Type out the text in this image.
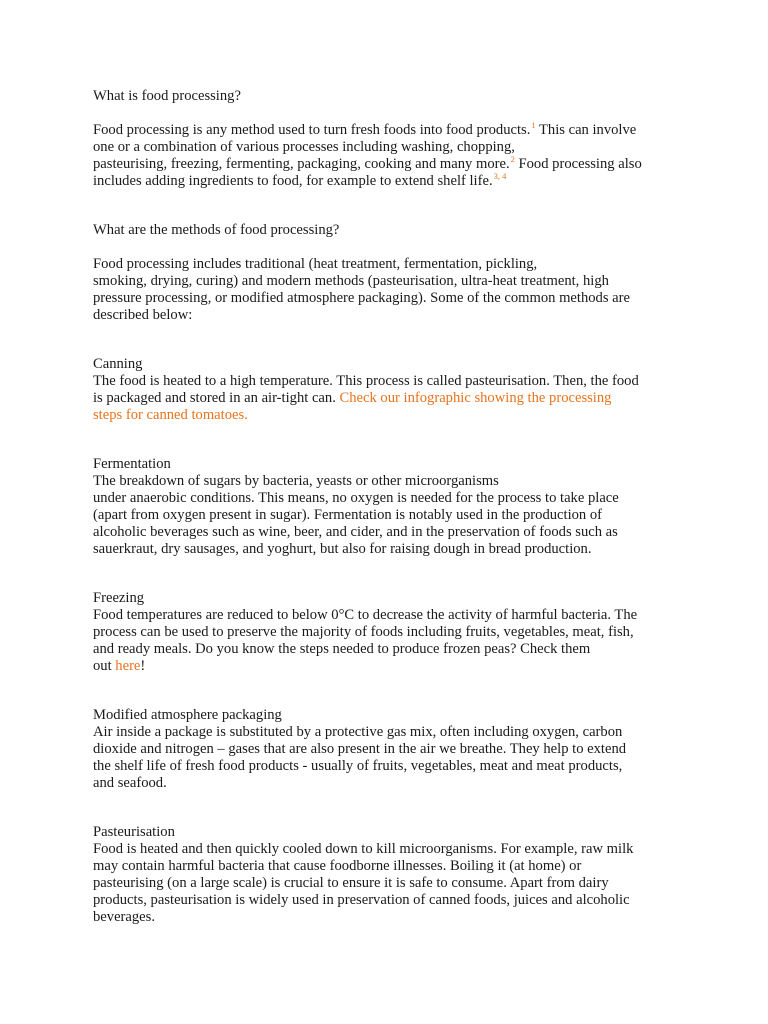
What is food processing?
Food processing is any method used to turn fresh foods into food products.$^1$ This can involve
one or a combination of various processes including washing, chopping,
pasteurising, freezing, fermenting, packaging, cooking and many more.$^2$ Food processing also
includes adding ingredients to food, for example to extend shelf life.$^{3, 4}$
What are the methods of food processing?
Food processing includes traditional (heat treatment, fermentation, pickling,
smoking, drying, curing) and modern methods (pasteurisation, ultra-heat treatment, high
pressure processing, or modified atmosphere packaging). Some of the common methods are
described below:
Canning
The food is heated to a high temperature. This process is called pasteurisation. Then, the food
is packaged and stored in an air-tight can. Check our infographic showing the processing
steps for canned tomatoes.
Fermentation
The breakdown of sugars by bacteria, yeasts or other microorganisms
under anaerobic conditions. This means, no oxygen is needed for the process to take place
(apart from oxygen present in sugar). Fermentation is notably used in the production of
alcoholic beverages such as wine, beer, and cider, and in the preservation of foods such as
sauerkraut, dry sausages, and yoghurt, but also for raising dough in bread production.
Freezing
Food temperatures are reduced to below 0°C to decrease the activity of harmful bacteria. The
process can be used to preserve the majority of foods including fruits, vegetables, meat, fish,
and ready meals. Do you know the steps needed to produce frozen peas? Check them
out here!
Modified atmosphere packaging
Air inside a package is substituted by a protective gas mix, often including oxygen, carbon
dioxide and nitrogen – gases that are also present in the air we breathe. They help to extend
the shelf life of fresh food products - usually of fruits, vegetables, meat and meat products,
and seafood.
Pasteurisation
Food is heated and then quickly cooled down to kill microorganisms. For example, raw milk
may contain harmful bacteria that cause foodborne illnesses. Boiling it (at home) or
pasteurising (on a large scale) is crucial to ensure it is safe to consume. Apart from dairy
products, pasteurisation is widely used in preservation of canned foods, juices and alcoholic
beverages.
